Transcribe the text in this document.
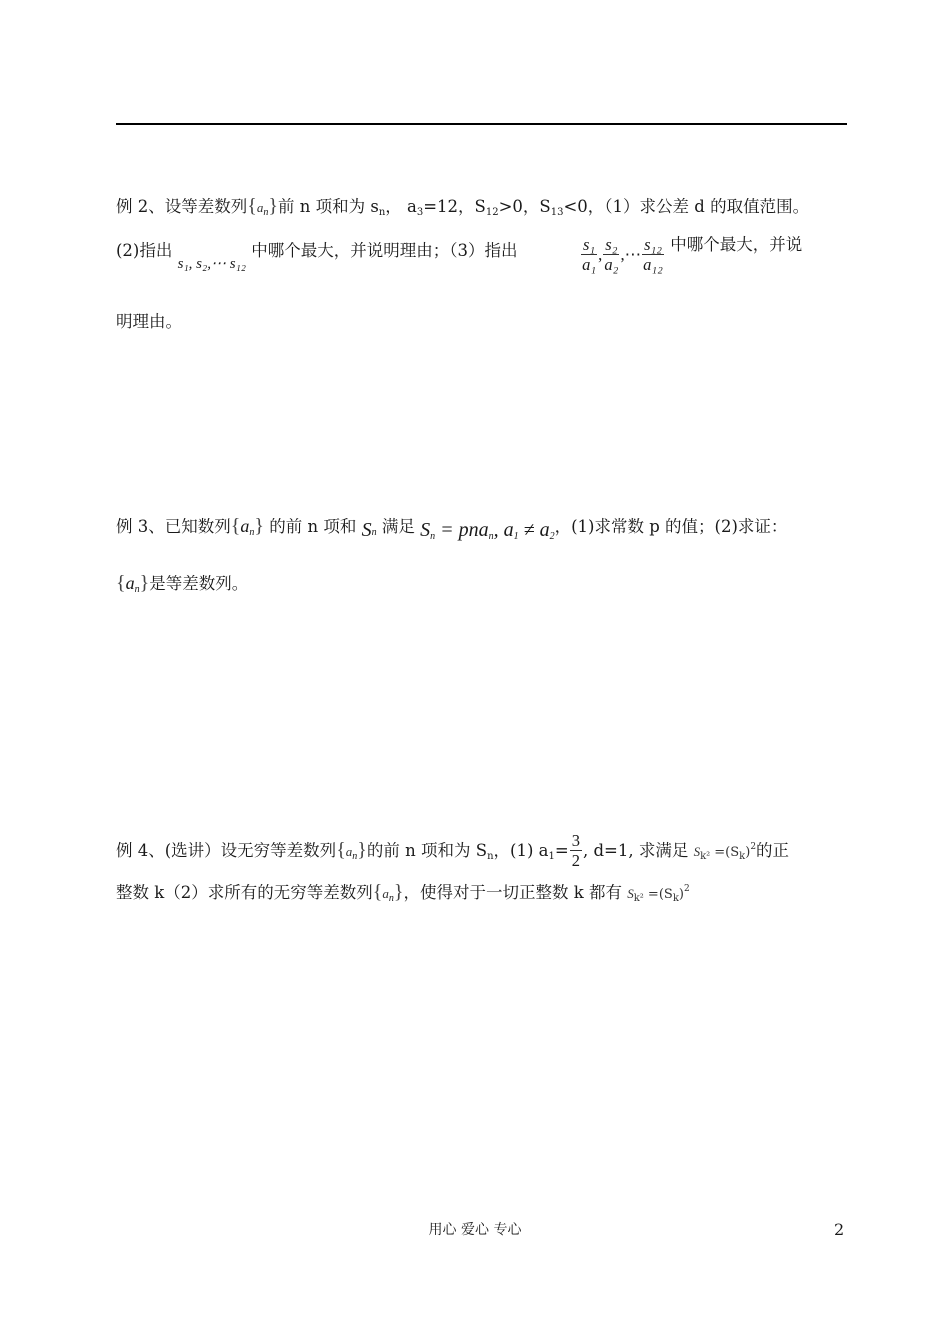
例 2、设等差数列{an}前 n 项和为 sn， a3=12，S12>0，S13<0，（1）求公差 d 的取值范围。
(2)指出 s₁, s₂,⋯ s₁₂ 中哪个最大，并说明理由；（3）指出	$\frac{\text{s₁}}{\text{a₁}}$ , $\frac{\text{s₂}}{\text{a₂}}$ ,⋯ $\frac{\text{s₁₂}}{\text{a₁₂}}$ 中哪个最大，并说
明理由。
例 3、已知数列{an} 的前 n 项和 Sn 满足 Sn = pnan, a1 ≠ a2，(1)求常数 p 的值；(2)求证：
{an}是等差数列。
例 4、(选讲）设无穷等差数列{an}的前 n 项和为 Sn，(1) $a1= \frac{3}{2}$ , d=1, 求满足 $S_{k^2} =(S_k)^2$的正
整数 k（2）求所有的无穷等差数列{an}，使得对于一切正整数 k 都有 $S_{k^2} =(S_k)^2$
用心 爱心 专心	2
